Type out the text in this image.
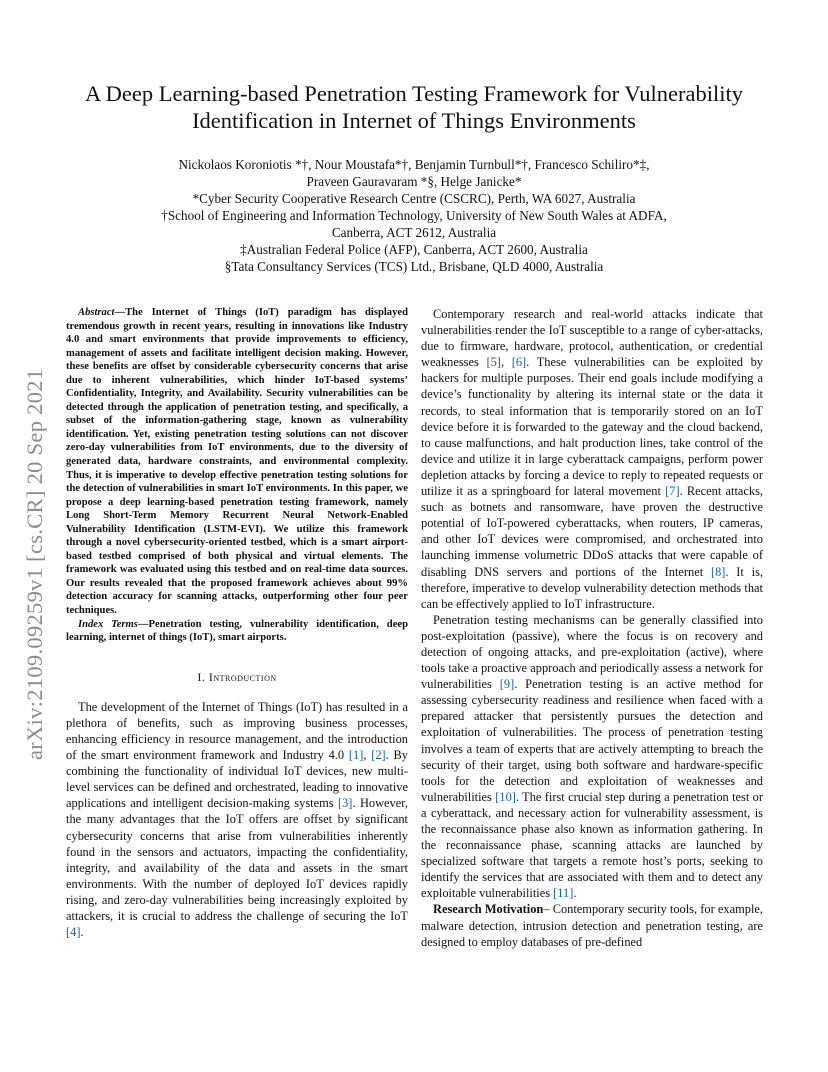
arXiv:2109.09259v1 [cs.CR] 20 Sep 2021
A Deep Learning-based Penetration Testing Framework for Vulnerability Identification in Internet of Things Environments
Nickolaos Koroniotis *†, Nour Moustafa*†, Benjamin Turnbull*†, Francesco Schiliro*‡,
Praveen Gauravaram *§, Helge Janicke*
*Cyber Security Cooperative Research Centre (CSCRC), Perth, WA 6027, Australia
†School of Engineering and Information Technology, University of New South Wales at ADFA,
Canberra, ACT 2612, Australia
‡Australian Federal Police (AFP), Canberra, ACT 2600, Australia
§Tata Consultancy Services (TCS) Ltd., Brisbane, QLD 4000, Australia

Abstract—The Internet of Things (IoT) paradigm has displayed tremendous growth in recent years, resulting in innovations like Industry 4.0 and smart environments that provide improvements to efficiency, management of assets and facilitate intelligent decision making. However, these benefits are offset by considerable cybersecurity concerns that arise due to inherent vulnerabilities, which hinder IoT-based systems’ Confidentiality, Integrity, and Availability. Security vulnerabilities can be detected through the application of penetration testing, and specifically, a subset of the information-gathering stage, known as vulnerability identification. Yet, existing penetration testing solutions can not discover zero-day vulnerabilities from IoT environments, due to the diversity of generated data, hardware constraints, and environmental complexity. Thus, it is imperative to develop effective penetration testing solutions for the detection of vulnerabilities in smart IoT environments. In this paper, we propose a deep learning-based penetration testing framework, namely Long Short-Term Memory Recurrent Neural Network-Enabled Vulnerability Identification (LSTM-EVI). We utilize this framework through a novel cybersecurity-oriented testbed, which is a smart airport-based testbed comprised of both physical and virtual elements. The framework was evaluated using this testbed and on real-time data sources. Our results revealed that the proposed framework achieves about 99% detection accuracy for scanning attacks, outperforming other four peer techniques.

Index Terms—Penetration testing, vulnerability identification, deep learning, internet of things (IoT), smart airports.

I. Introduction

The development of the Internet of Things (IoT) has resulted in a plethora of benefits, such as improving business processes, enhancing efficiency in resource management, and the introduction of the smart environment framework and Industry 4.0 [1], [2]. By combining the functionality of individual IoT devices, new multi-level services can be defined and orchestrated, leading to innovative applications and intelligent decision-making systems [3]. However, the many advantages that the IoT offers are offset by significant cybersecurity concerns that arise from vulnerabilities inherently found in the sensors and actuators, impacting the confidentiality, integrity, and availability of the data and assets in the smart environments. With the number of deployed IoT devices rapidly rising, and zero-day vulnerabilities being increasingly exploited by attackers, it is crucial to address the challenge of securing the IoT [4].

Contemporary research and real-world attacks indicate that vulnerabilities render the IoT susceptible to a range of cyber-attacks, due to firmware, hardware, protocol, authentication, or credential weaknesses [5], [6]. These vulnerabilities can be exploited by hackers for multiple purposes. Their end goals include modifying a device’s functionality by altering its internal state or the data it records, to steal information that is temporarily stored on an IoT device before it is forwarded to the gateway and the cloud backend, to cause malfunctions, and halt production lines, take control of the device and utilize it in large cyberattack campaigns, perform power depletion attacks by forcing a device to reply to repeated requests or utilize it as a springboard for lateral movement [7]. Recent attacks, such as botnets and ransomware, have proven the destructive potential of IoT-powered cyberattacks, when routers, IP cameras, and other IoT devices were compromised, and orchestrated into launching immense volumetric DDoS attacks that were capable of disabling DNS servers and portions of the Internet [8]. It is, therefore, imperative to develop vulnerability detection methods that can be effectively applied to IoT infrastructure.

Penetration testing mechanisms can be generally classified into post-exploitation (passive), where the focus is on recovery and detection of ongoing attacks, and pre-exploitation (active), where tools take a proactive approach and periodically assess a network for vulnerabilities [9]. Penetration testing is an active method for assessing cybersecurity readiness and resilience when faced with a prepared attacker that persistently pursues the detection and exploitation of vulnerabilities. The process of penetration testing involves a team of experts that are actively attempting to breach the security of their target, using both software and hardware-specific tools for the detection and exploitation of weaknesses and vulnerabilities [10]. The first crucial step during a penetration test or a cyberattack, and necessary action for vulnerability assessment, is the reconnaissance phase also known as information gathering. In the reconnaissance phase, scanning attacks are launched by specialized software that targets a remote host’s ports, seeking to identify the services that are associated with them and to detect any exploitable vulnerabilities [11].

Research Motivation– Contemporary security tools, for example, malware detection, intrusion detection and penetration testing, are designed to employ databases of pre-defined
